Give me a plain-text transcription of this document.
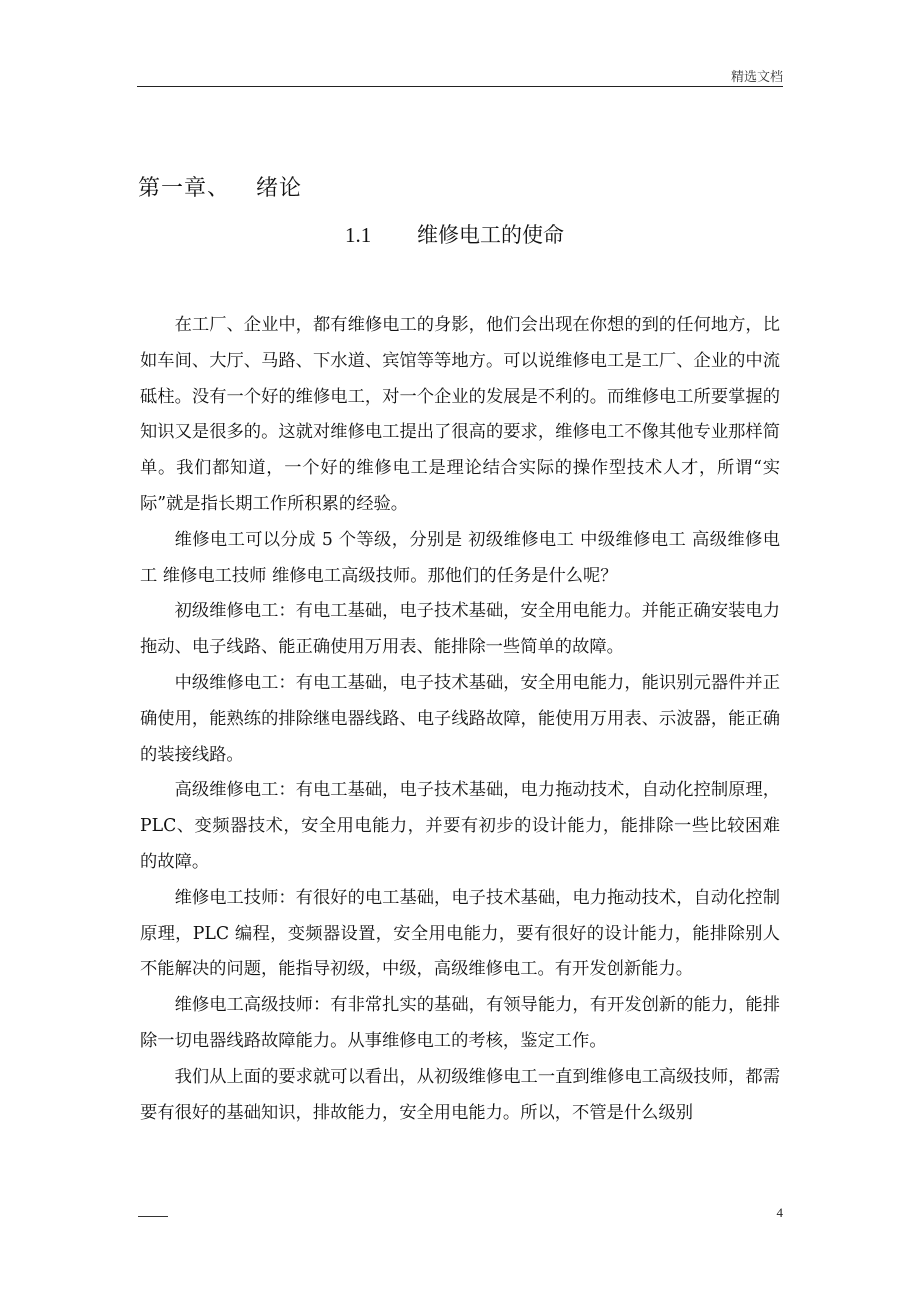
精选文档
第一章、 绪论
1.1 维修电工的使命

在工厂、企业中，都有维修电工的身影，他们会出现在你想的到的任何地方，比如车间、大厅、马路、下水道、宾馆等等地方。可以说维修电工是工厂、企业的中流砥柱。没有一个好的维修电工，对一个企业的发展是不利的。而维修电工所要掌握的知识又是很多的。这就对维修电工提出了很高的要求，维修电工不像其他专业那样简单。我们都知道，一个好的维修电工是理论结合实际的操作型技术人才，所谓“实际”就是指长期工作所积累的经验。

维修电工可以分成 5 个等级，分别是 初级维修电工 中级维修电工 高级维修电工 维修电工技师 维修电工高级技师。那他们的任务是什么呢？

初级维修电工：有电工基础，电子技术基础，安全用电能力。并能正确安装电力拖动、电子线路、能正确使用万用表、能排除一些简单的故障。

中级维修电工：有电工基础，电子技术基础，安全用电能力，能识别元器件并正确使用，能熟练的排除继电器线路、电子线路故障，能使用万用表、示波器，能正确的装接线路。

高级维修电工：有电工基础，电子技术基础，电力拖动技术，自动化控制原理，PLC、变频器技术，安全用电能力，并要有初步的设计能力，能排除一些比较困难的故障。

维修电工技师：有很好的电工基础，电子技术基础，电力拖动技术，自动化控制原理，PLC 编程，变频器设置，安全用电能力，要有很好的设计能力，能排除别人不能解决的问题，能指导初级，中级，高级维修电工。有开发创新能力。

维修电工高级技师：有非常扎实的基础，有领导能力，有开发创新的能力，能排除一切电器线路故障能力。从事维修电工的考核，鉴定工作。

我们从上面的要求就可以看出，从初级维修电工一直到维修电工高级技师，都需要有很好的基础知识，排故能力，安全用电能力。所以，不管是什么级别

4
